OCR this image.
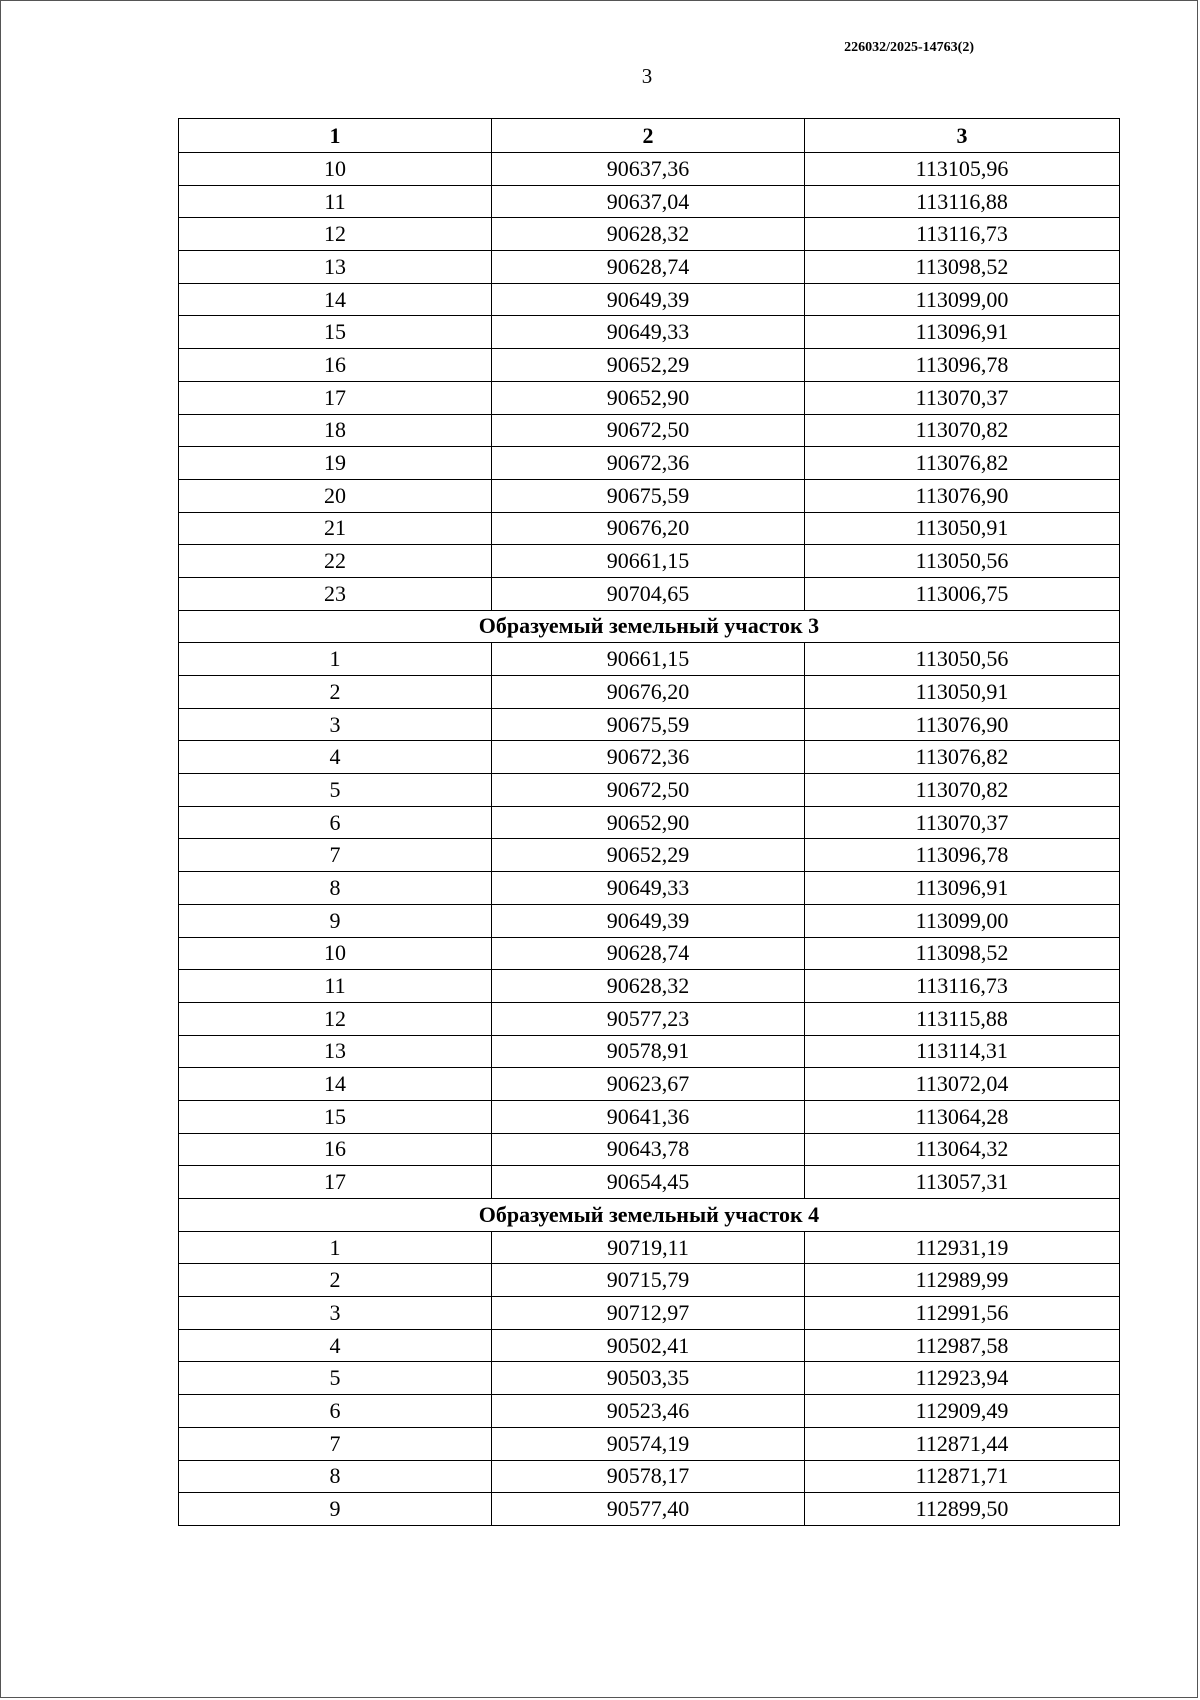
226032/2025-14763(2)
3
1	2	3
10	90637,36	113105,96
11	90637,04	113116,88
12	90628,32	113116,73
13	90628,74	113098,52
14	90649,39	113099,00
15	90649,33	113096,91
16	90652,29	113096,78
17	90652,90	113070,37
18	90672,50	113070,82
19	90672,36	113076,82
20	90675,59	113076,90
21	90676,20	113050,91
22	90661,15	113050,56
23	90704,65	113006,75
Образуемый земельный участок 3		
1	90661,15	113050,56
2	90676,20	113050,91
3	90675,59	113076,90
4	90672,36	113076,82
5	90672,50	113070,82
6	90652,90	113070,37
7	90652,29	113096,78
8	90649,33	113096,91
9	90649,39	113099,00
10	90628,74	113098,52
11	90628,32	113116,73
12	90577,23	113115,88
13	90578,91	113114,31
14	90623,67	113072,04
15	90641,36	113064,28
16	90643,78	113064,32
17	90654,45	113057,31
Образуемый земельный участок 4		
1	90719,11	112931,19
2	90715,79	112989,99
3	90712,97	112991,56
4	90502,41	112987,58
5	90503,35	112923,94
6	90523,46	112909,49
7	90574,19	112871,44
8	90578,17	112871,71
9	90577,40	112899,50
